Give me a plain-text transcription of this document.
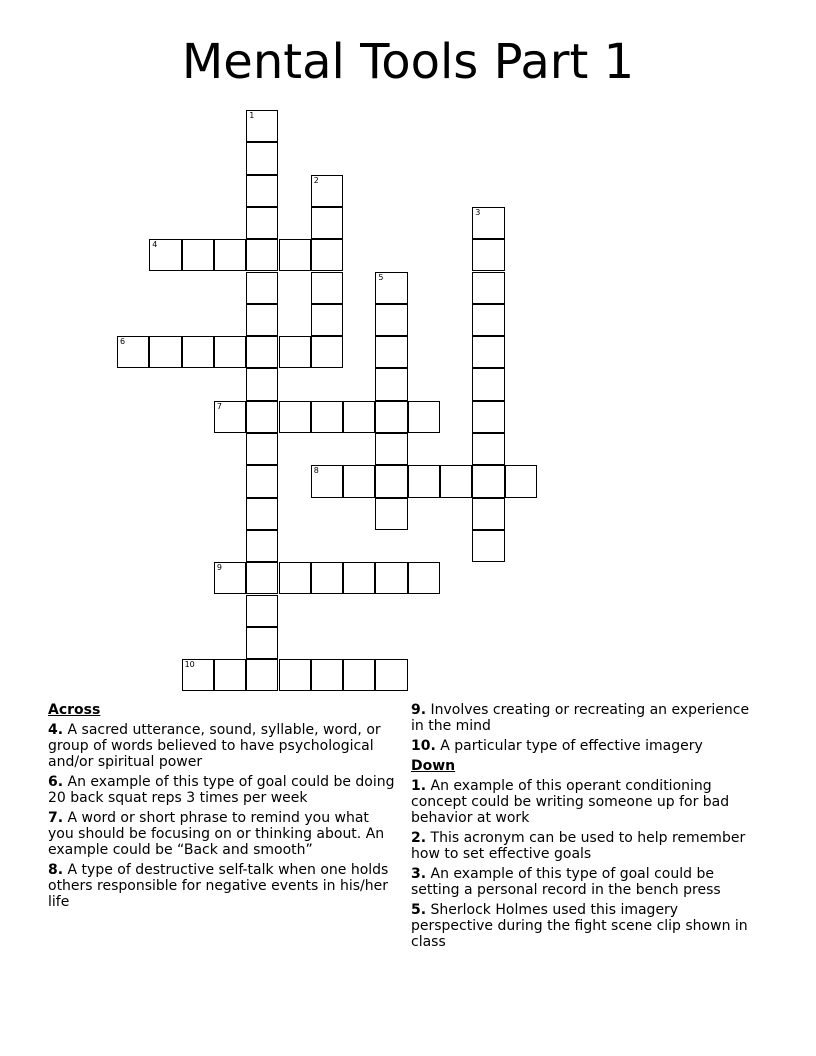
Mental Tools Part 1
1
2
3
4
5
6
7
8
9
10
Across
4. A sacred utterance, sound, syllable, word, or group of words believed to have psychological and/or spiritual power
6. An example of this type of goal could be doing 20 back squat reps 3 times per week
7. A word or short phrase to remind you what you should be focusing on or thinking about. An example could be “Back and smooth”
8. A type of destructive self-talk when one holds others responsible for negative events in his/her life
9. Involves creating or recreating an experience in the mind
10. A particular type of effective imagery
Down
1. An example of this operant conditioning concept could be writing someone up for bad behavior at work
2. This acronym can be used to help remember how to set effective goals
3. An example of this type of goal could be setting a personal record in the bench press
5. Sherlock Holmes used this imagery perspective during the fight scene clip shown in class
